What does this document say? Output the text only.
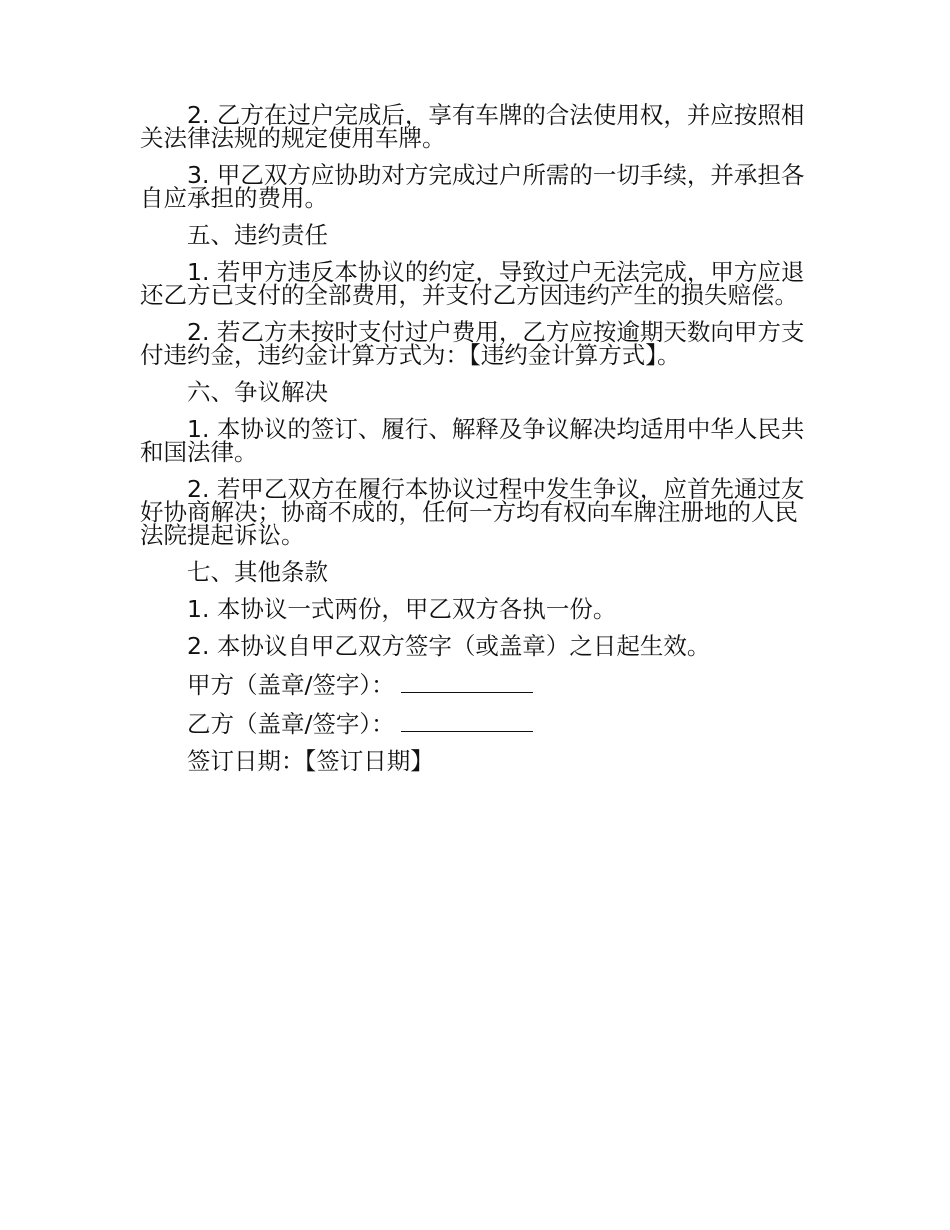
2. 乙方在过户完成后，享有车牌的合法使用权，并应按照相关法律法规的规定使用车牌。

3. 甲乙双方应协助对方完成过户所需的一切手续，并承担各自应承担的费用。

五、违约责任

1. 若甲方违反本协议的约定，导致过户无法完成，甲方应退还乙方已支付的全部费用，并支付乙方因违约产生的损失赔偿。

2. 若乙方未按时支付过户费用，乙方应按逾期天数向甲方支付违约金，违约金计算方式为：【违约金计算方式】。

六、争议解决

1. 本协议的签订、履行、解释及争议解决均适用中华人民共和国法律。

2. 若甲乙双方在履行本协议过程中发生争议，应首先通过友好协商解决；协商不成的，任何一方均有权向车牌注册地的人民法院提起诉讼。

七、其他条款

1. 本协议一式两份，甲乙双方各执一份。

2. 本协议自甲乙双方签字（或盖章）之日起生效。

甲方（盖章/签字）：
乙方（盖章/签字）：

签订日期：【签订日期】
